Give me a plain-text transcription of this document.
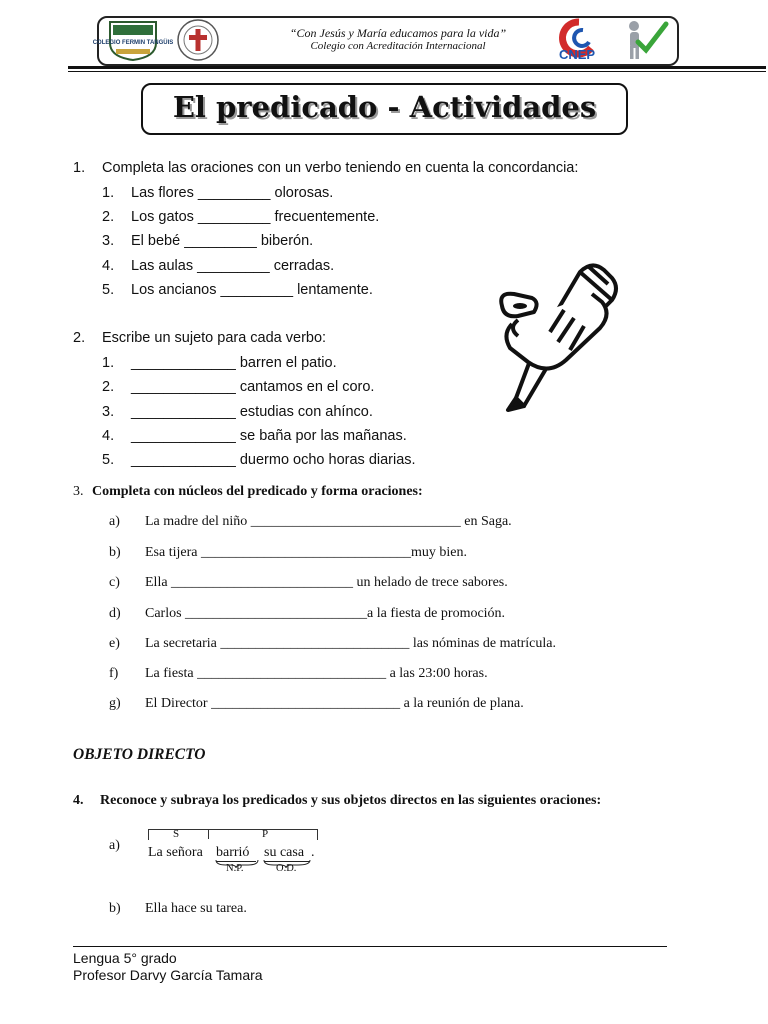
COLEGIO FERMIN TANGÜIS
“Con Jesús y María educamos para la vida”
Colegio con Acreditación Internacional
CNEP
El predicado - Actividades
1. Completa las oraciones con un verbo teniendo en cuenta la concordancia:
1.	Las flores _________ olorosas.
2.	Los gatos _________ frecuentemente.
3.	El bebé _________ biberón.
4.	Las aulas _________ cerradas.
5.	Los ancianos _________ lentamente.
2. Escribe un sujeto para cada verbo:
1.	_____________ barren el patio.
2.	_____________ cantamos en el coro.
3.	_____________ estudias con ahínco.
4.	_____________ se baña por las mañanas.
5.	_____________ duermo ocho horas diarias.
3. Completa con núcleos del predicado y forma oraciones:
a) La madre del niño ______________________________ en Saga.
b) Esa tijera ______________________________muy bien.
c) Ella __________________________ un helado de trece sabores.
d) Carlos __________________________a la fiesta de promoción.
e) La secretaria ___________________________ las nóminas de matrícula.
f) La fiesta ___________________________ a las 23:00 horas.
g) El Director ___________________________ a la reunión de plana.
OBJETO DIRECTO
4. Reconoce y subraya los predicados y sus objetos directos en las siguientes oraciones:
a)
S	P
La señora barrió su casa .
N.P.	O.D.
b) Ella hace su tarea.
Lengua 5° grado
Profesor Darvy García Tamara
